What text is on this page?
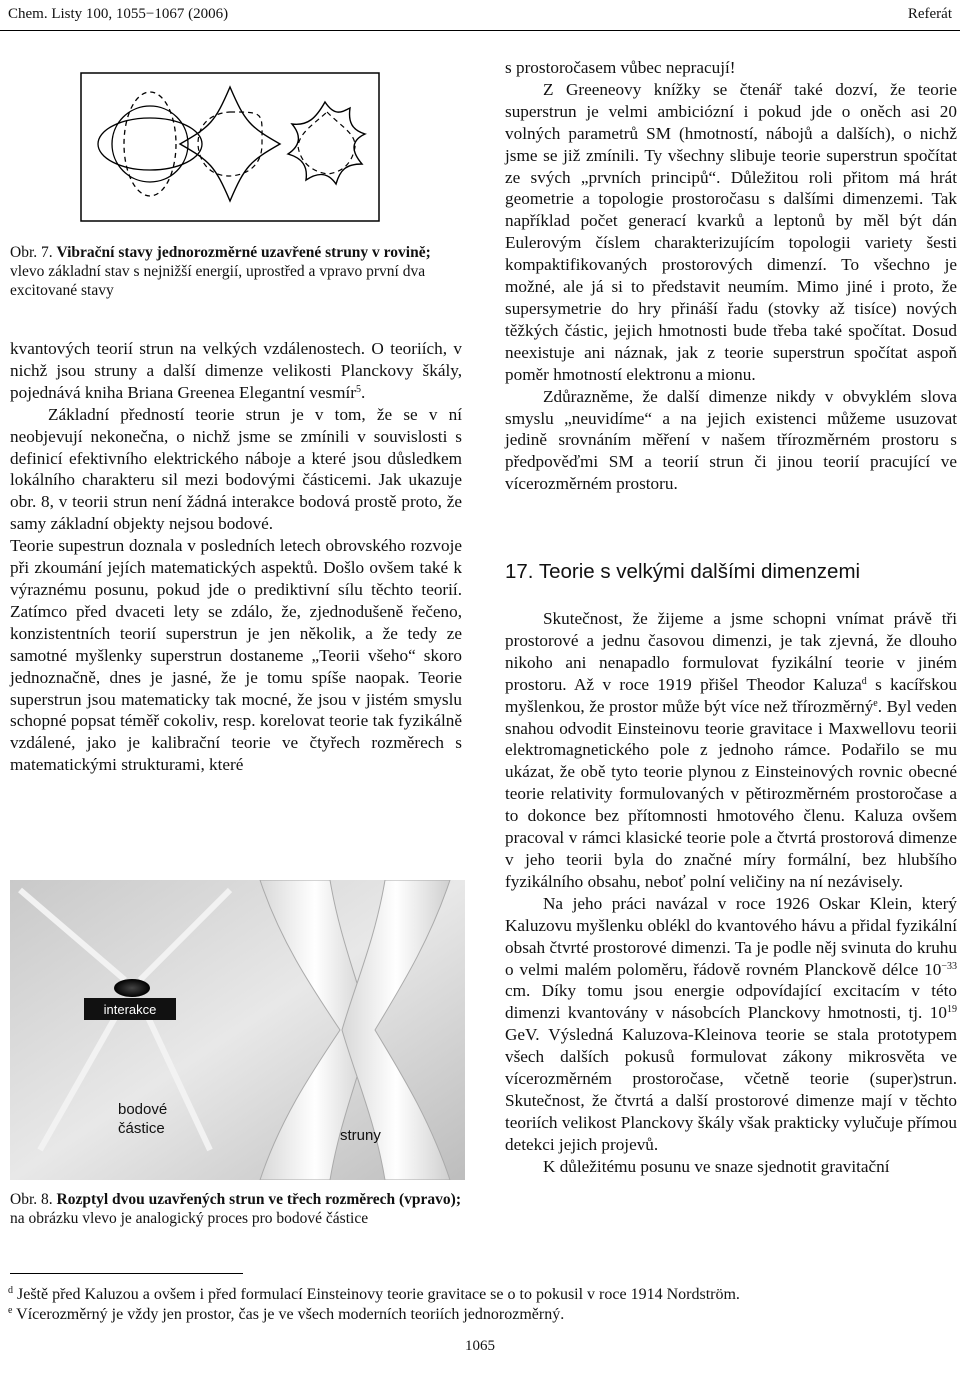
Chem. Listy 100, 1055−1067 (2006)	Referát
Obr. 7. Vibrační stavy jednorozměrné uzavřené struny v rovině; vlevo základní stav s nejnižší energií, uprostřed a vpravo první dva excitované stavy

kvantových teorií strun na velkých vzdálenostech. O teoriích, v nichž jsou struny a další dimenze velikosti Planckovy škály, pojednává kniha Briana Greenea Elegantní vesmír$^5$.

Základní předností teorie strun je v tom, že se v ní neobjevují nekonečna, o nichž jsme se zmínili v souvislosti s definicí efektivního elektrického náboje a které jsou důsledkem lokálního charakteru sil mezi bodovými částicemi. Jak ukazuje obr. 8, v teorii strun není žádná interakce bodová prostě proto, že samy základní objekty nejsou bodové.

Teorie supestrun doznala v posledních letech obrovského rozvoje při zkoumání jejích matematických aspektů. Došlo ovšem také k výraznému posunu, pokud jde o prediktivní sílu těchto teorií. Zatímco před dvaceti lety se zdálo, že, zjednodušeně řečeno, konzistentních teorií superstrun je jen několik, a že tedy ze samotné myšlenky superstrun dostaneme „Teorii všeho“ skoro jednoznačně, dnes je jasné, že je tomu spíše naopak. Teorie superstrun jsou matematicky tak mocné, že jsou v jistém smyslu schopné popsat téměř cokoliv, resp. korelovat teorie tak fyzikálně vzdálené, jako je kalibrační teorie ve čtyřech rozměrech s matematickými strukturami, které

interakce
bodové
částice	struny
Obr. 8. Rozptyl dvou uzavřených strun ve třech rozměrech (vpravo); na obrázku vlevo je analogický proces pro bodové částice

s prostoročasem vůbec nepracují!

Z Greeneovy knížky se čtenář také dozví, že teorie superstrun je velmi ambiciózní i pokud jde o oněch asi 20 volných parametrů SM (hmotností, nábojů a dalších), o nichž jsme se již zmínili. Ty všechny slibuje teorie superstrun spočítat ze svých „prvních principů“. Důležitou roli přitom má hrát geometrie a topologie prostoročasu s dalšími dimenzemi. Tak například počet generací kvarků a leptonů by měl být dán Eulerovým číslem charakterizujícím topologii variety šesti kompaktifikovaných prostorových dimenzí. To všechno je možné, ale já si to představit neumím. Mimo jiné i proto, že supersymetrie do hry přináší řadu (stovky až tisíce) nových těžkých částic, jejich hmotnosti bude třeba také spočítat. Dosud neexistuje ani náznak, jak z teorie superstrun spočítat aspoň poměr hmotností elektronu a mionu.

Zdůrazněme, že další dimenze nikdy v obvyklém slova smyslu „neuvidíme“ a na jejich existenci můžeme usuzovat jedině srovnáním měření v našem třírozměrném prostoru s předpověďmi SM a teorií strun či jinou teorií pracující ve vícerozměrném prostoru.

17. Teorie s velkými dalšími dimenzemi

Skutečnost, že žijeme a jsme schopni vnímat právě tři prostorové a jednu časovou dimenzi, je tak zjevná, že dlouho nikoho ani nenapadlo formulovat fyzikální teorie v jiném prostoru. Až v roce 1919 přišel Theodor Kaluza$^d$ s kacířskou myšlenkou, že prostor může být více než třírozměrný$^e$. Byl veden snahou odvodit Einsteinovu teorie gravitace i Maxwellovu teorii elektromagnetického pole z jednoho rámce. Podařilo se mu ukázat, že obě tyto teorie plynou z Einsteinových rovnic obecné teorie relativity formulovaných v pětirozměrném prostoročase a to dokonce bez přítomnosti hmotového členu. Kaluza ovšem pracoval v rámci klasické teorie pole a čtvrtá prostorová dimenze v jeho teorii byla do značné míry formální, bez hlubšího fyzikálního obsahu, neboť polní veličiny na ní nezávisely.

Na jeho práci navázal v roce 1926 Oskar Klein, který Kaluzovu myšlenku oblékl do kvantového hávu a přidal fyzikální obsah čtvrté prostorové dimenzi. Ta je podle něj svinuta do kruhu o velmi malém poloměru, řádově rovném Planckově délce $10^{-33}$ cm. Díky tomu jsou energie odpovídající excitacím v této dimenzi kvantovány v násobcích Planckovy hmotnosti, tj. $10^{19}$ GeV. Výsledná Kaluzova-Kleinova teorie se stala prototypem všech dalších pokusů formulovat zákony mikrosvěta ve vícerozměrném prostoročase, včetně teorie (super)strun. Skutečnost, že čtvrtá a další prostorové dimenze mají v těchto teoriích velikost Planckovy škály však prakticky vylučuje přímou detekci jejich projevů.

K důležitému posunu ve snaze sjednotit gravitační

$^d$ Ještě před Kaluzou a ovšem i před formulací Einsteinovy teorie gravitace se o to pokusil v roce 1914 Nordström.
$^e$ Vícerozměrný je vždy jen prostor, čas je ve všech moderních teoriích jednorozměrný.
1065
